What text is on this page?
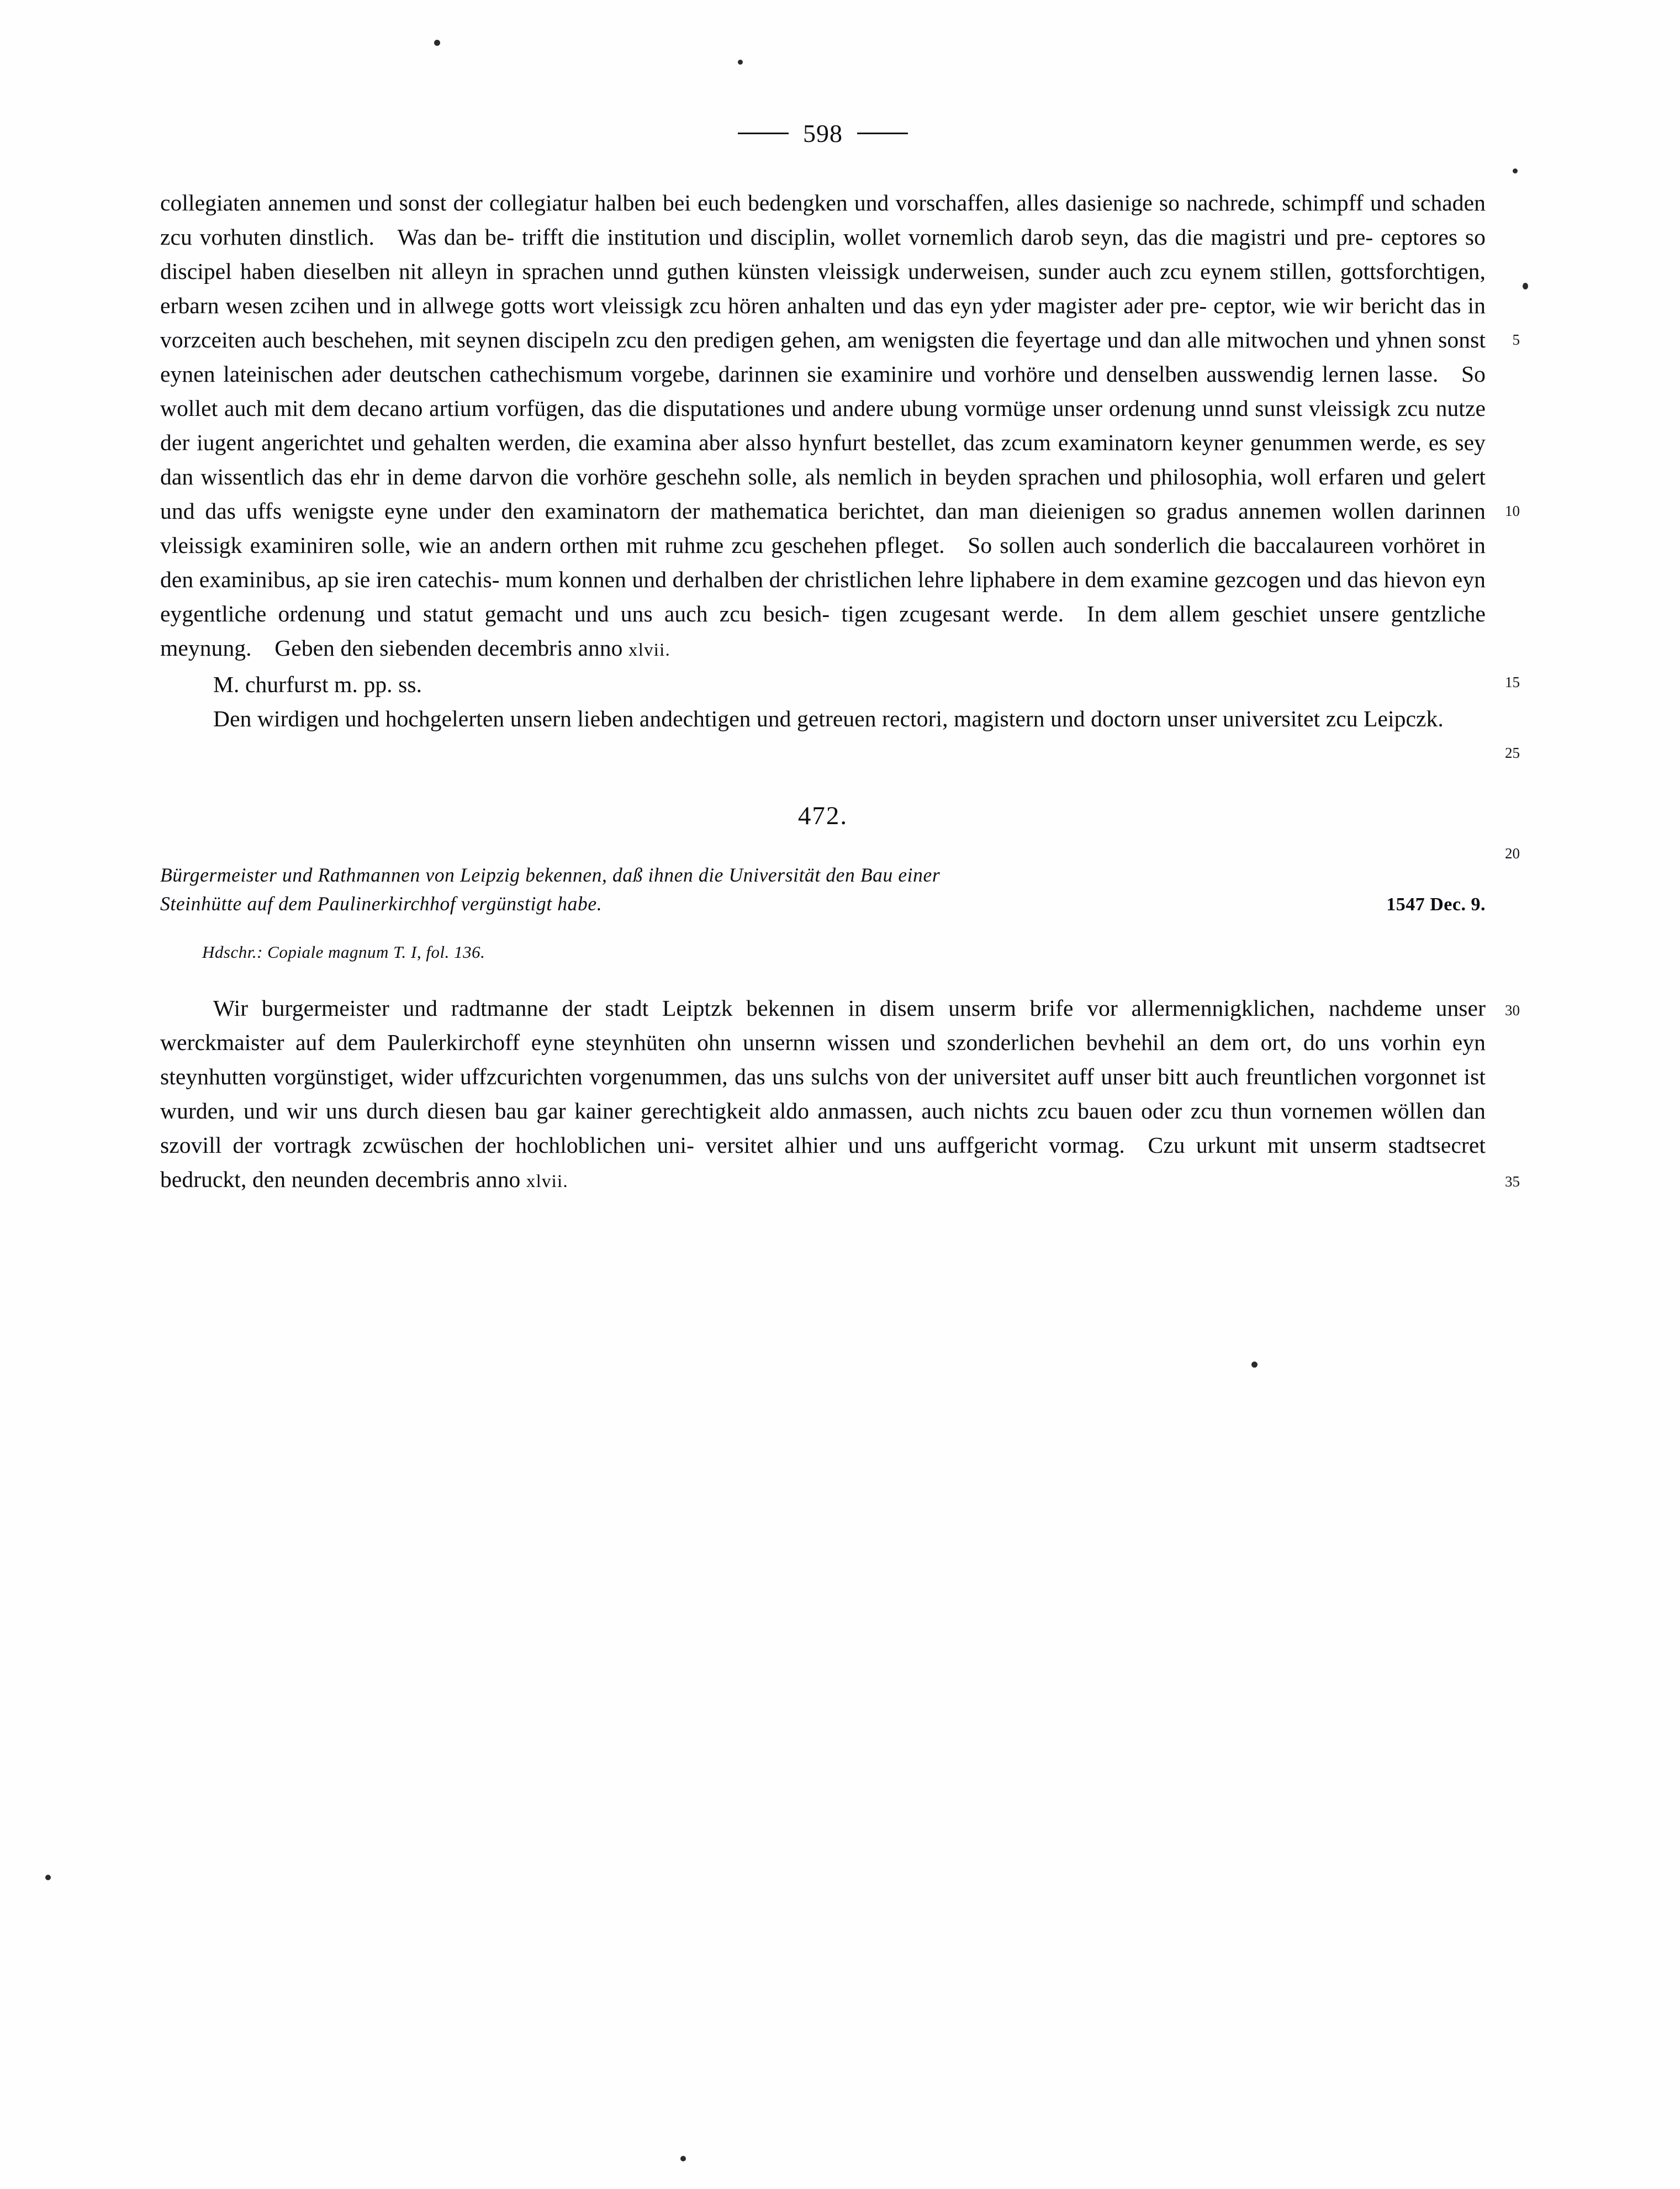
598

collegiaten annemen und sonst der collegiatur halben bei euch bedengken und vorschaffen, alles dasienige so nachrede, schimpff und schaden zcu vorhuten dinstlich. Was dan be- trifft die institution und disciplin, wollet vornemlich darob seyn, das die magistri und pre- ceptores so discipel haben dieselben nit alleyn in sprachen unnd guthen künsten vleissigk underweisen, sunder auch zcu eynem stillen, gottsforchtigen, erbarn wesen zcihen und in
5
allwege gotts wort vleissigk zcu hören anhalten und das eyn yder magister ader pre- ceptor, wie wir bericht das in vorzceiten auch beschehen, mit seynen discipeln zcu den predigen gehen, am wenigsten die feyertage und dan alle mitwochen und yhnen sonst eynen lateinischen ader deutschen cathechismum vorgebe, darinnen sie examinire und vorhöre und denselben ausswendig lernen lasse. So wollet auch mit dem decano artium
10
vorfügen, das die disputationes und andere ubung vormüge unser ordenung unnd sunst vleissigk zcu nutze der iugent angerichtet und gehalten werden, die examina aber alsso hynfurt bestellet, das zcum examinatorn keyner genummen werde, es sey dan wissentlich das ehr in deme darvon die vorhöre geschehn solle, als nemlich in beyden sprachen und philosophia, woll erfaren und gelert und das uffs wenigste eyne under den examinatorn
15
der mathematica berichtet, dan man dieienigen so gradus annemen wollen darinnen vleissigk examiniren solle, wie an andern orthen mit ruhme zcu geschehen pfleget. So sollen auch sonderlich die baccalaureen vorhöret in den examinibus, ap sie iren catechis- mum konnen und derhalben der christlichen lehre liphabere in dem examine gezcogen und das hievon eyn eygentliche ordenung und statut gemacht und uns auch zcu besich-
20
tigen zcugesant werde. In dem allem geschiet unsere gentzliche meynung. Geben den siebenden decembris anno xlvii.

M. churfurst m. pp. ss.

Den wirdigen und hochgelerten unsern lieben andechtigen und getreuen rectori, magistern und doctorn unser universitet zcu Leipczk.
25

472.
Bürgermeister und Rathmannen von Leipzig bekennen, daß ihnen die Universität den Bau einer
Steinhütte auf dem Paulinerkirchhof vergünstigt habe.	1547 Dec. 9.
Hdschr.: Copiale magnum T. I, fol. 136.

Wir burgermeister und radtmanne der stadt Leiptzk bekennen in disem unserm	30
brife vor allermennigklichen, nachdeme unser werckmaister auf dem Paulerkirchoff eyne steynhüten ohn unsernn wissen und szonderlichen bevhehil an dem ort, do uns vorhin eyn steynhutten vorgünstiget, wider uffzcurichten vorgenummen, das uns sulchs von der universitet auff unser bitt auch freuntlichen vorgonnet ist wurden, und wir uns durch diesen bau gar kainer gerechtigkeit aldo anmassen, auch nichts zcu bauen oder
35
zcu thun vornemen wöllen dan szovill der vortragk zcwüschen der hochloblichen uni- versitet alhier und uns auffgericht vormag. Czu urkunt mit unserm stadtsecret bedruckt, den neunden decembris anno xlvii.
